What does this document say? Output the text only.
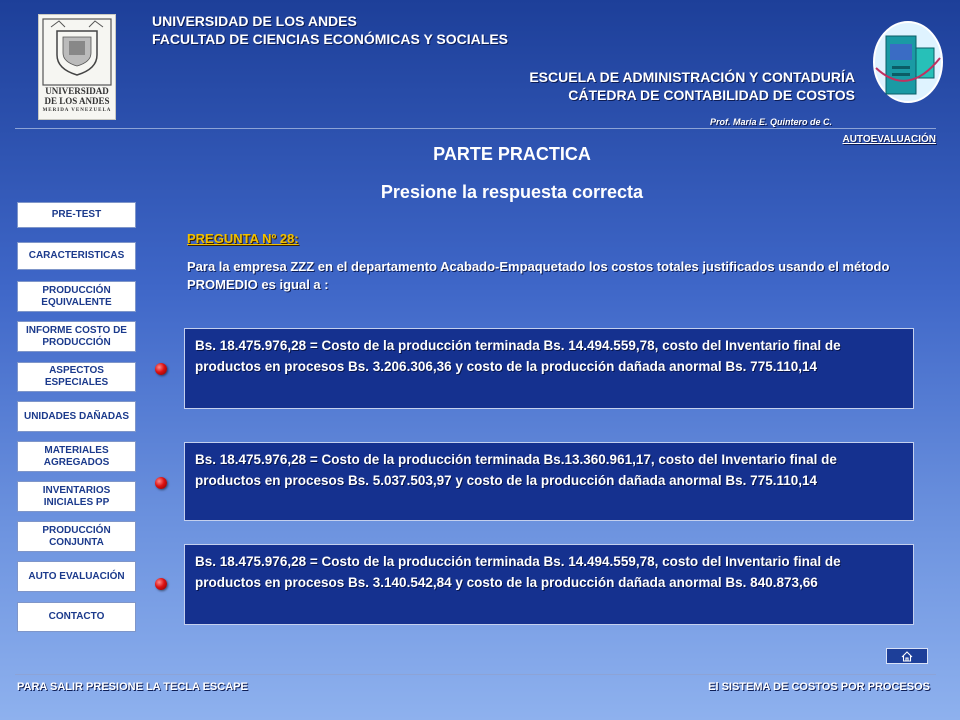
UNIVERSIDAD
DE LOS ANDES
MERIDA VENEZUELA
UNIVERSIDAD DE LOS ANDES
FACULTAD DE CIENCIAS ECONÓMICAS Y SOCIALES
ESCUELA DE ADMINISTRACIÓN Y CONTADURÍA
CÁTEDRA DE CONTABILIDAD DE COSTOS
Prof. María E. Quintero de C.
AUTOEVALUACIÓN
PARTE PRACTICA
Presione la respuesta correcta
PRE-TEST
CARACTERISTICAS
PRODUCCIÓN EQUIVALENTE
INFORME COSTO DE PRODUCCIÓN
ASPECTOS ESPECIALES
UNIDADES DAÑADAS
MATERIALES AGREGADOS
INVENTARIOS INICIALES PP
PRODUCCIÓN CONJUNTA
AUTO EVALUACIÓN
CONTACTO
PREGUNTA Nº 28:
Para la empresa ZZZ en el departamento Acabado-Empaquetado los costos totales justificados usando el método PROMEDIO es igual a :
Bs. 18.475.976,28 = Costo de la producción terminada Bs. 14.494.559,78, costo del Inventario final de productos en procesos Bs. 3.206.306,36 y costo de la producción dañada anormal Bs. 775.110,14
Bs. 18.475.976,28 = Costo de la producción terminada Bs.13.360.961,17, costo del Inventario final de productos en procesos Bs. 5.037.503,97 y costo de la producción dañada anormal Bs. 775.110,14
Bs. 18.475.976,28 = Costo de la producción terminada Bs. 14.494.559,78, costo del Inventario final de productos en procesos Bs. 3.140.542,84 y costo de la producción dañada anormal Bs. 840.873,66
PARA SALIR PRESIONE LA TECLA ESCAPE	El SISTEMA DE COSTOS POR PROCESOS
